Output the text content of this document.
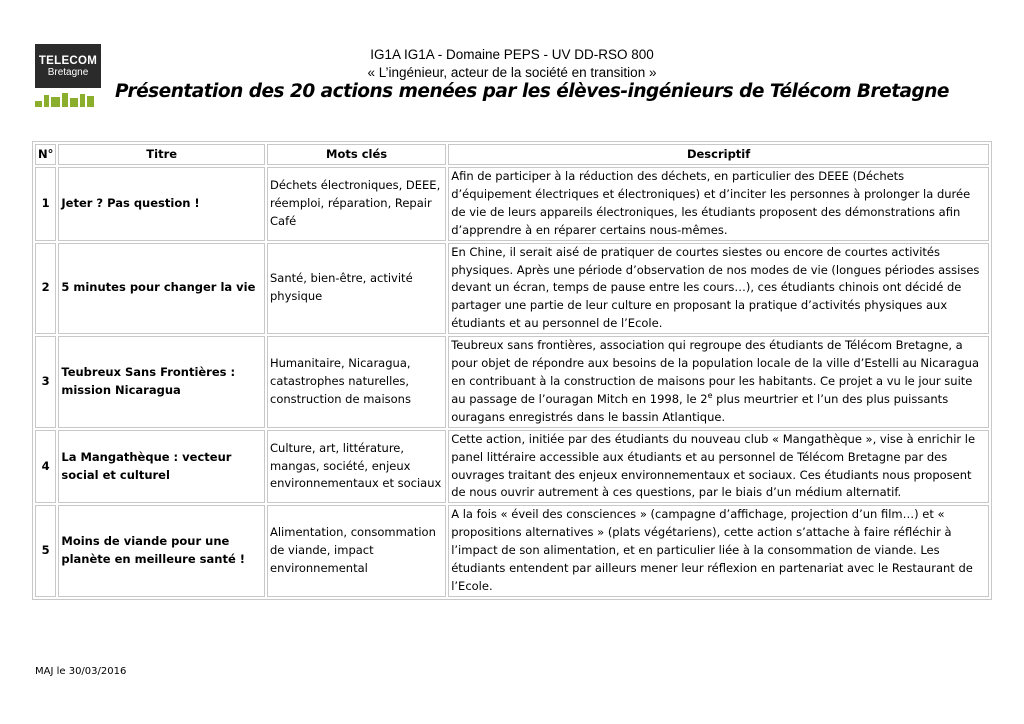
TELECOM
Bretagne
IG1A IG1A - Domaine PEPS - UV DD-RSO 800
« L’ingénieur, acteur de la société en transition »
Présentation des 20 actions menées par les élèves-ingénieurs de Télécom Bretagne
N°	Titre	Mots clés	Descriptif
1	Jeter ? Pas question !	Déchets électroniques, DEEE, réemploi, réparation, Repair Café	Afin de participer à la réduction des déchets, en particulier des DEEE (Déchets d’équipement électriques et électroniques) et d’inciter les personnes à prolonger la durée de vie de leurs appareils électroniques, les étudiants proposent des démonstrations afin d’apprendre à en réparer certains nous-mêmes.
2	5 minutes pour changer la vie	Santé, bien-être, activité physique	En Chine, il serait aisé de pratiquer de courtes siestes ou encore de courtes activités physiques. Après une période d’observation de nos modes de vie (longues périodes assises devant un écran, temps de pause entre les cours…), ces étudiants chinois ont décidé de partager une partie de leur culture en proposant la pratique d’activités physiques aux étudiants et au personnel de l’Ecole.
3	Teubreux Sans Frontières : mission Nicaragua	Humanitaire, Nicaragua, catastrophes naturelles, construction de maisons	Teubreux sans frontières, association qui regroupe des étudiants de Télécom Bretagne, a pour objet de répondre aux besoins de la population locale de la ville d’Estelli au Nicaragua en contribuant à la construction de maisons pour les habitants. Ce projet a vu le jour suite au passage de l’ouragan Mitch en 1998, le 2e plus meurtrier et l’un des plus puissants ouragans enregistrés dans le bassin Atlantique.
4	La Mangathèque : vecteur social et culturel	Culture, art, littérature, mangas, société, enjeux environnementaux et sociaux	Cette action, initiée par des étudiants du nouveau club « Mangathèque », vise à enrichir le panel littéraire accessible aux étudiants et au personnel de Télécom Bretagne par des ouvrages traitant des enjeux environnementaux et sociaux. Ces étudiants nous proposent de nous ouvrir autrement à ces questions, par le biais d’un médium alternatif.
5	Moins de viande pour une planète en meilleure santé !	Alimentation, consommation de viande, impact environnemental	A la fois « éveil des consciences » (campagne d’affichage, projection d’un film…) et « propositions alternatives » (plats végétariens), cette action s’attache à faire réfléchir à l’impact de son alimentation, et en particulier liée à la consommation de viande. Les étudiants entendent par ailleurs mener leur réflexion en partenariat avec le Restaurant de l’Ecole.
MAJ le 30/03/2016
